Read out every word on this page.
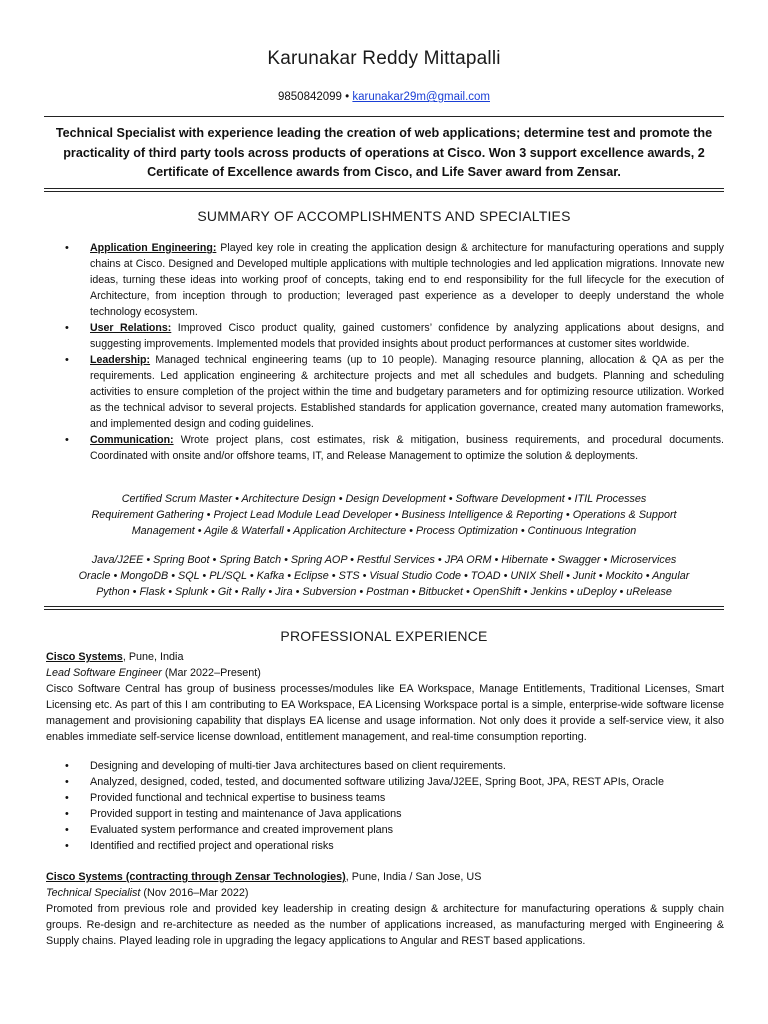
Karunakar Reddy Mittapalli
9850842099 • karunakar29m@gmail.com
Technical Specialist with experience leading the creation of web applications; determine test and promote the practicality of third party tools across products of operations at Cisco. Won 3 support excellence awards, 2 Certificate of Excellence awards from Cisco, and Life Saver award from Zensar.
SUMMARY OF ACCOMPLISHMENTS AND SPECIALTIES
• Application Engineering: Played key role in creating the application design & architecture for manufacturing operations and supply chains at Cisco. Designed and Developed multiple applications with multiple technologies and led application migrations. Innovate new ideas, turning these ideas into working proof of concepts, taking end to end responsibility for the full lifecycle for the execution of Architecture, from inception through to production; leveraged past experience as a developer to deeply understand the whole technology ecosystem.
• User Relations: Improved Cisco product quality, gained customers’ confidence by analyzing applications about designs, and suggesting improvements. Implemented models that provided insights about product performances at customer sites worldwide.
• Leadership: Managed technical engineering teams (up to 10 people). Managing resource planning, allocation & QA as per the requirements. Led application engineering & architecture projects and met all schedules and budgets. Planning and scheduling activities to ensure completion of the project within the time and budgetary parameters and for optimizing resource utilization. Worked as the technical advisor to several projects. Established standards for application governance, created many automation frameworks, and implemented design and coding guidelines.
• Communication: Wrote project plans, cost estimates, risk & mitigation, business requirements, and procedural documents. Coordinated with onsite and/or offshore teams, IT, and Release Management to optimize the solution & deployments.
Certified Scrum Master • Architecture Design • Design Development • Software Development • ITIL Processes
Requirement Gathering • Project Lead Module Lead Developer • Business Intelligence & Reporting • Operations & Support
Management • Agile & Waterfall • Application Architecture • Process Optimization • Continuous Integration
Java/J2EE • Spring Boot • Spring Batch • Spring AOP • Restful Services • JPA ORM • Hibernate • Swagger • Microservices
Oracle • MongoDB • SQL • PL/SQL • Kafka • Eclipse • STS • Visual Studio Code • TOAD • UNIX Shell • Junit • Mockito • Angular
Python • Flask • Splunk • Git • Rally • Jira • Subversion • Postman • Bitbucket • OpenShift • Jenkins • uDeploy • uRelease
PROFESSIONAL EXPERIENCE
Cisco Systems, Pune, India
Lead Software Engineer (Mar 2022–Present)
Cisco Software Central has group of business processes/modules like EA Workspace, Manage Entitlements, Traditional Licenses, Smart Licensing etc. As part of this I am contributing to EA Workspace, EA Licensing Workspace portal is a simple, enterprise-wide software license management and provisioning capability that displays EA license and usage information. Not only does it provide a self-service view, it also enables immediate self-service license download, entitlement management, and real-time consumption reporting.
• Designing and developing of multi-tier Java architectures based on client requirements.
• Analyzed, designed, coded, tested, and documented software utilizing Java/J2EE, Spring Boot, JPA, REST APIs, Oracle
• Provided functional and technical expertise to business teams
• Provided support in testing and maintenance of Java applications
• Evaluated system performance and created improvement plans
• Identified and rectified project and operational risks
Cisco Systems (contracting through Zensar Technologies), Pune, India / San Jose, US
Technical Specialist (Nov 2016–Mar 2022)
Promoted from previous role and provided key leadership in creating design & architecture for manufacturing operations & supply chain groups. Re-design and re-architecture as needed as the number of applications increased, as manufacturing merged with Engineering & Supply chains. Played leading role in upgrading the legacy applications to Angular and REST based applications.
